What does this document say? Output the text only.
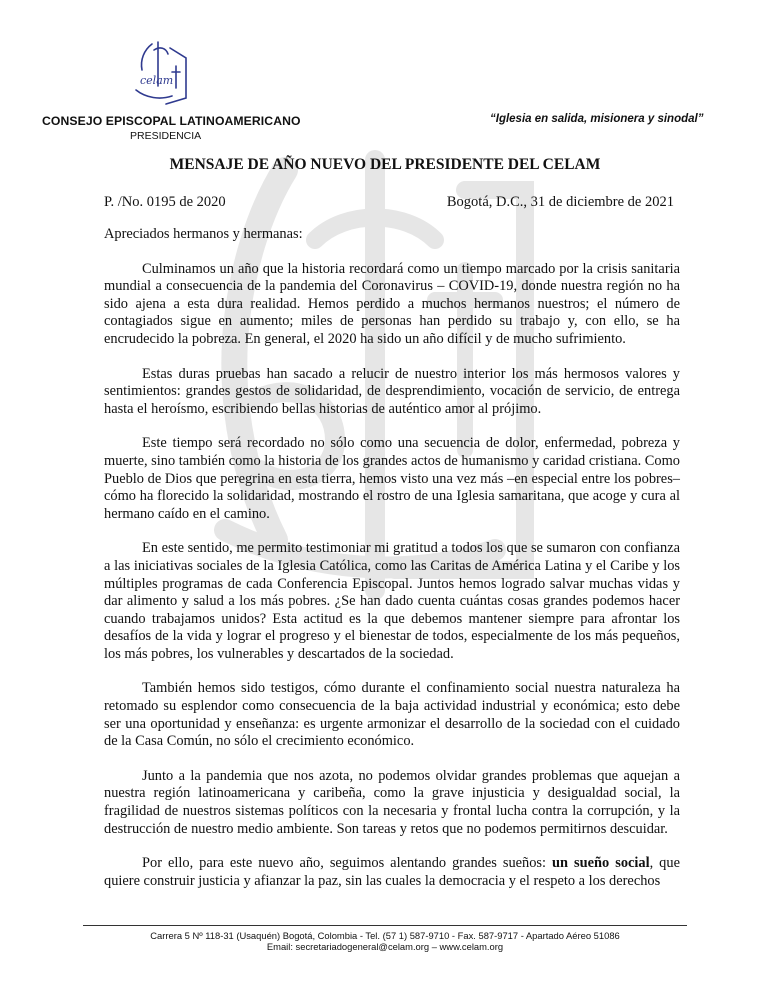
celam
CONSEJO EPISCOPAL LATINOAMERICANO
PRESIDENCIA
“Iglesia en salida, misionera y sinodal”
MENSAJE DE AÑO NUEVO DEL PRESIDENTE DEL CELAM
P. /No. 0195 de 2020	Bogotá, D.C., 31 de diciembre de 2021

Apreciados hermanos y hermanas:

Culminamos un año que la historia recordará como un tiempo marcado por la crisis sanitaria mundial a consecuencia de la pandemia del Coronavirus – COVID-19, donde nuestra región no ha sido ajena a esta dura realidad. Hemos perdido a muchos hermanos nuestros; el número de contagiados sigue en aumento; miles de personas han perdido su trabajo y, con ello, se ha encrudecido la pobreza. En general, el 2020 ha sido un año difícil y de mucho sufrimiento.

Estas duras pruebas han sacado a relucir de nuestro interior los más hermosos valores y sentimientos: grandes gestos de solidaridad, de desprendimiento, vocación de servicio, de entrega hasta el heroísmo, escribiendo bellas historias de auténtico amor al prójimo.

Este tiempo será recordado no sólo como una secuencia de dolor, enfermedad, pobreza y muerte, sino también como la historia de los grandes actos de humanismo y caridad cristiana. Como Pueblo de Dios que peregrina en esta tierra, hemos visto una vez más –en especial entre los pobres– cómo ha florecido la solidaridad, mostrando el rostro de una Iglesia samaritana, que acoge y cura al hermano caído en el camino.

En este sentido, me permito testimoniar mi gratitud a todos los que se sumaron con confianza a las iniciativas sociales de la Iglesia Católica, como las Caritas de América Latina y el Caribe y los múltiples programas de cada Conferencia Episcopal. Juntos hemos logrado salvar muchas vidas y dar alimento y salud a los más pobres. ¿Se han dado cuenta cuántas cosas grandes podemos hacer cuando trabajamos unidos? Esta actitud es la que debemos mantener siempre para afrontar los desafíos de la vida y lograr el progreso y el bienestar de todos, especialmente de los más pequeños, los más pobres, los vulnerables y descartados de la sociedad.

También hemos sido testigos, cómo durante el confinamiento social nuestra naturaleza ha retomado su esplendor como consecuencia de la baja actividad industrial y económica; esto debe ser una oportunidad y enseñanza: es urgente armonizar el desarrollo de la sociedad con el cuidado de la Casa Común, no sólo el crecimiento económico.

Junto a la pandemia que nos azota, no podemos olvidar grandes problemas que aquejan a nuestra región latinoamericana y caribeña, como la grave injusticia y desigualdad social, la fragilidad de nuestros sistemas políticos con la necesaria y frontal lucha contra la corrupción, y la destrucción de nuestro medio ambiente. Son tareas y retos que no podemos permitirnos descuidar.

Por ello, para este nuevo año, seguimos alentando grandes sueños: un sueño social, que quiere construir justicia y afianzar la paz, sin las cuales la democracia y el respeto a los derechos

Carrera 5 Nº 118-31 (Usaquén) Bogotá, Colombia - Tel. (57 1) 587-9710 - Fax. 587-9717 - Apartado Aéreo 51086
Email: secretariadogeneral@celam.org – www.celam.org
